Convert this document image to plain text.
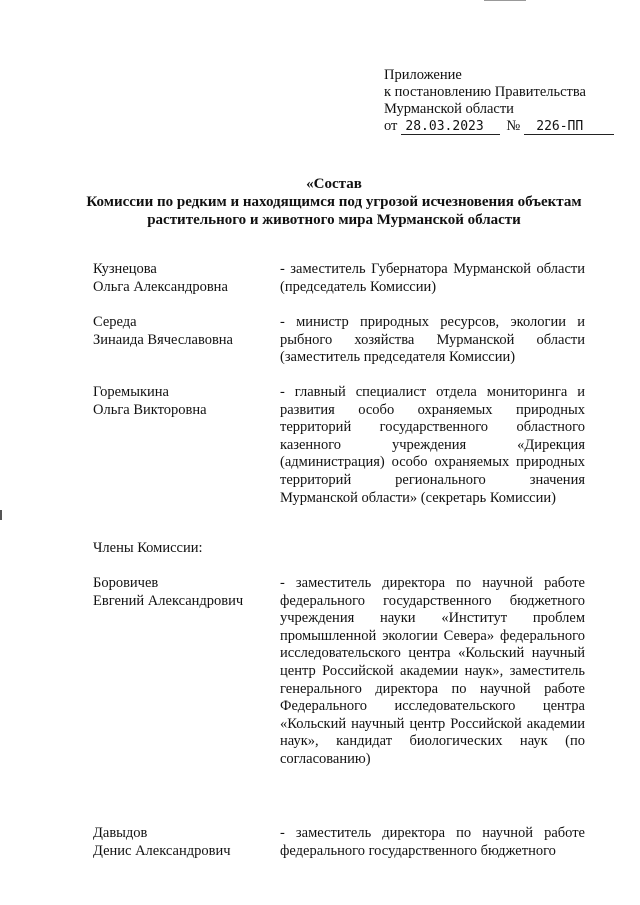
Приложение
к постановлению Правительства
Мурманской области
от 28.03.2023	№	226-ПП
«Состав
Комиссии по редким и находящимся под угрозой исчезновения объектам
растительного и животного мира Мурманской области
Кузнецова
Ольга Александровна
- заместитель Губернатора Мурманской области (председатель Комиссии)
Середа
Зинаида Вячеславовна
- министр природных ресурсов, экологии и рыбного хозяйства Мурманской области (заместитель председателя Комиссии)
Горемыкина
Ольга Викторовна
- главный специалист отдела мониторинга и развития особо охраняемых природных территорий государственного областного казенного учреждения «Дирекция (администрация) особо охраняемых природных территорий регионального значения Мурманской области» (секретарь Комиссии)
Члены Комиссии:
Боровичев
Евгений Александрович
- заместитель директора по научной работе федерального государственного бюджетного учреждения науки «Институт проблем промышленной экологии Севера» федерального исследовательского центра «Кольский научный центр Российской академии наук», заместитель генерального директора по научной работе Федерального исследовательского центра «Кольский научный центр Российской академии наук», кандидат биологических наук (по согласованию)
Давыдов
Денис Александрович
- заместитель директора по научной работе федерального государственного бюджетного
